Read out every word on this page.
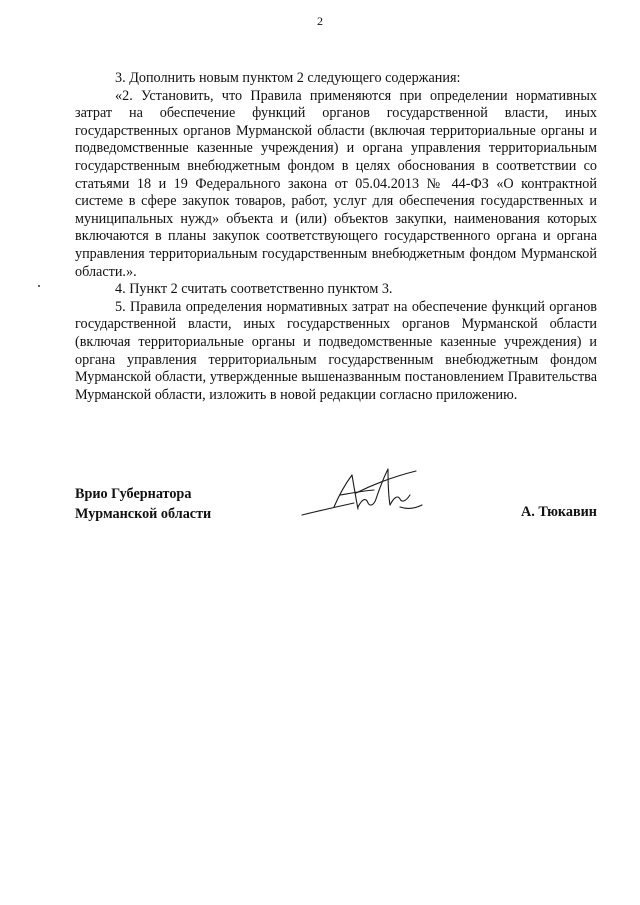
2

3. Дополнить новым пунктом 2 следующего содержания:

«2. Установить, что Правила применяются при определении нормативных затрат на обеспечение функций органов государственной власти, иных государственных органов Мурманской области (включая территориальные органы и подведомственные казенные учреждения) и органа управления территориальным государственным внебюджетным фондом в целях обоснования в соответствии со статьями 18 и 19 Федерального закона от 05.04.2013 № 44-ФЗ «О контрактной системе в сфере закупок товаров, работ, услуг для обеспечения государственных и муниципальных нужд» объекта и (или) объектов закупки, наименования которых включаются в планы закупок соответствующего государственного органа и органа управления территориальным государственным внебюджетным фондом Мурманской области.».

4. Пункт 2 считать соответственно пунктом 3.

5. Правила определения нормативных затрат на обеспечение функций органов государственной власти, иных государственных органов Мурманской области (включая территориальные органы и подведомственные казенные учреждения) и органа управления территориальным государственным внебюджетным фондом Мурманской области, утвержденные вышеназванным постановлением Правительства Мурманской области, изложить в новой редакции согласно приложению.

Врио Губернатора
Мурманской области	А. Тюкавин
